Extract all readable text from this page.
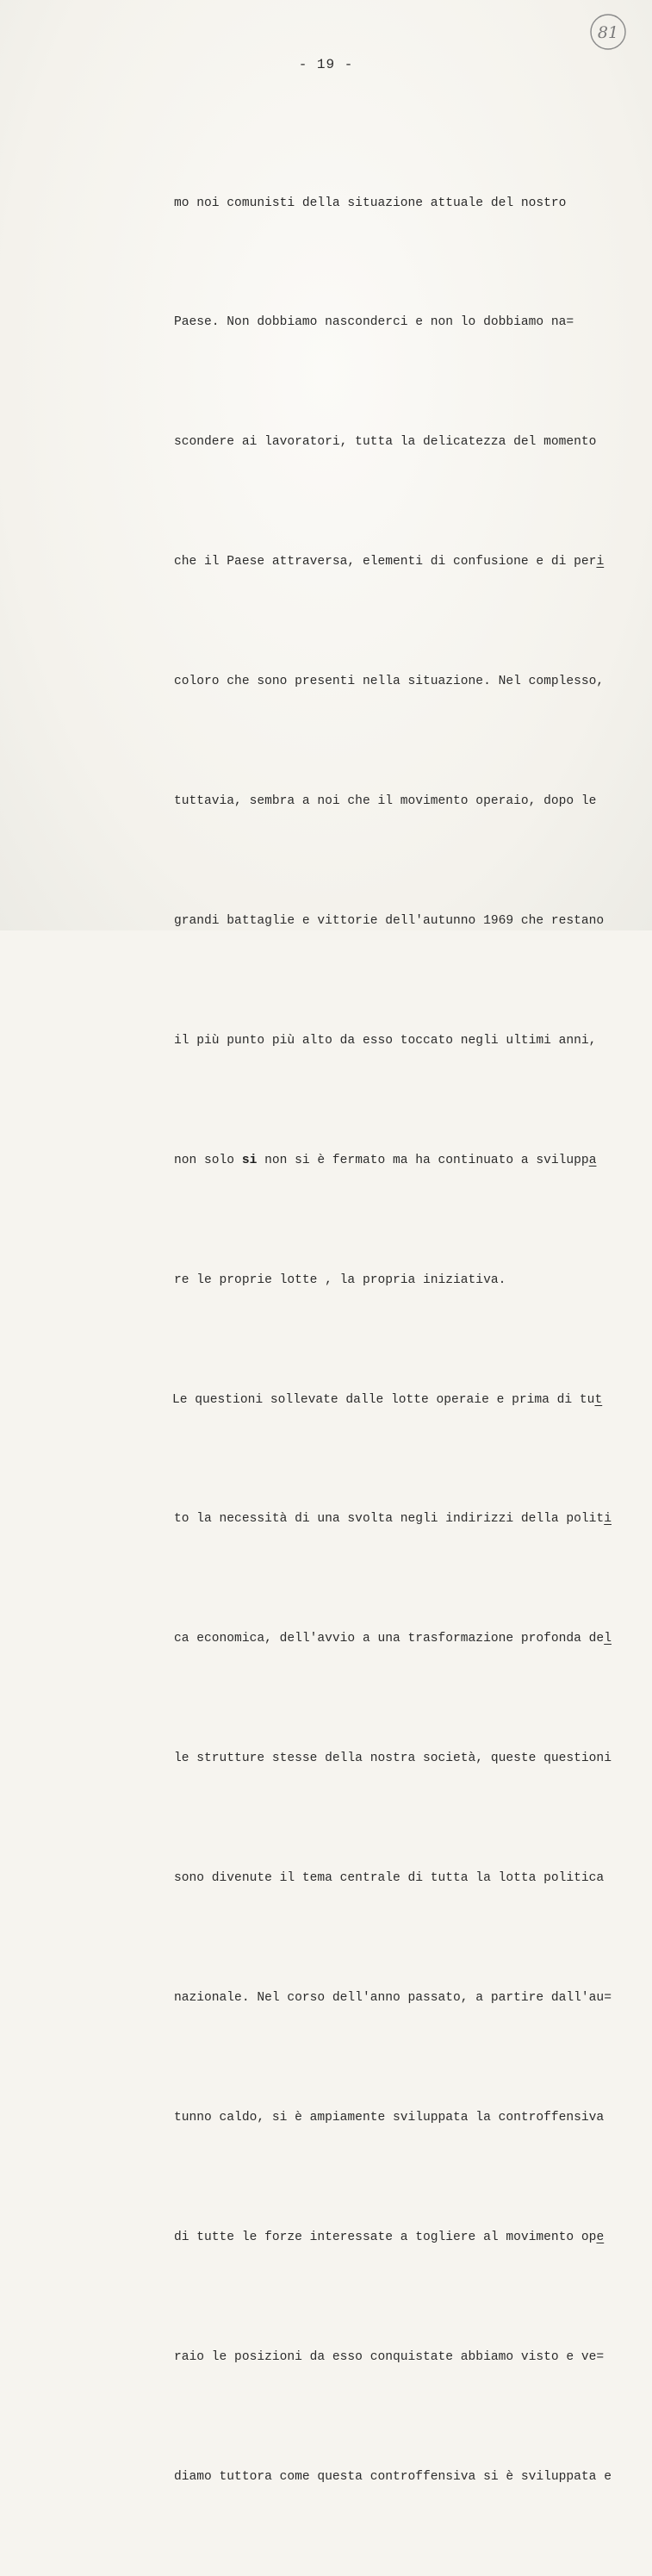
- 19 -
81

mo noi comunisti della situazione attuale del nostro

Paese. Non dobbiamo nasconderci e non lo dobbiamo na=

scondere ai lavoratori, tutta la delicatezza del momento

che il Paese attraversa, elementi di confusione e di peri

coloro che sono presenti nella situazione. Nel complesso,

tuttavia, sembra a noi che il movimento operaio, dopo le

grandi battaglie e vittorie dell'autunno 1969 che restano

il più punto più alto da esso toccato negli ultimi anni,

non solo si non si è fermato ma ha continuato a sviluppa

re le proprie lotte , la propria iniziativa.

Le questioni sollevate dalle lotte operaie e prima di tut

to la necessità di una svolta negli indirizzi della politi

ca economica, dell'avvio a una trasformazione profonda del

le strutture stesse della nostra società, queste questioni

sono divenute il tema centrale di tutta la lotta politica

nazionale. Nel corso dell'anno passato, a partire dall'au=

tunno caldo, si è ampiamente sviluppata la controffensiva

di tutte le forze interessate a togliere al movimento ope

raio le posizioni da esso conquistate abbiamo visto e ve=

diamo tuttora come questa controffensiva si è sviluppata e
